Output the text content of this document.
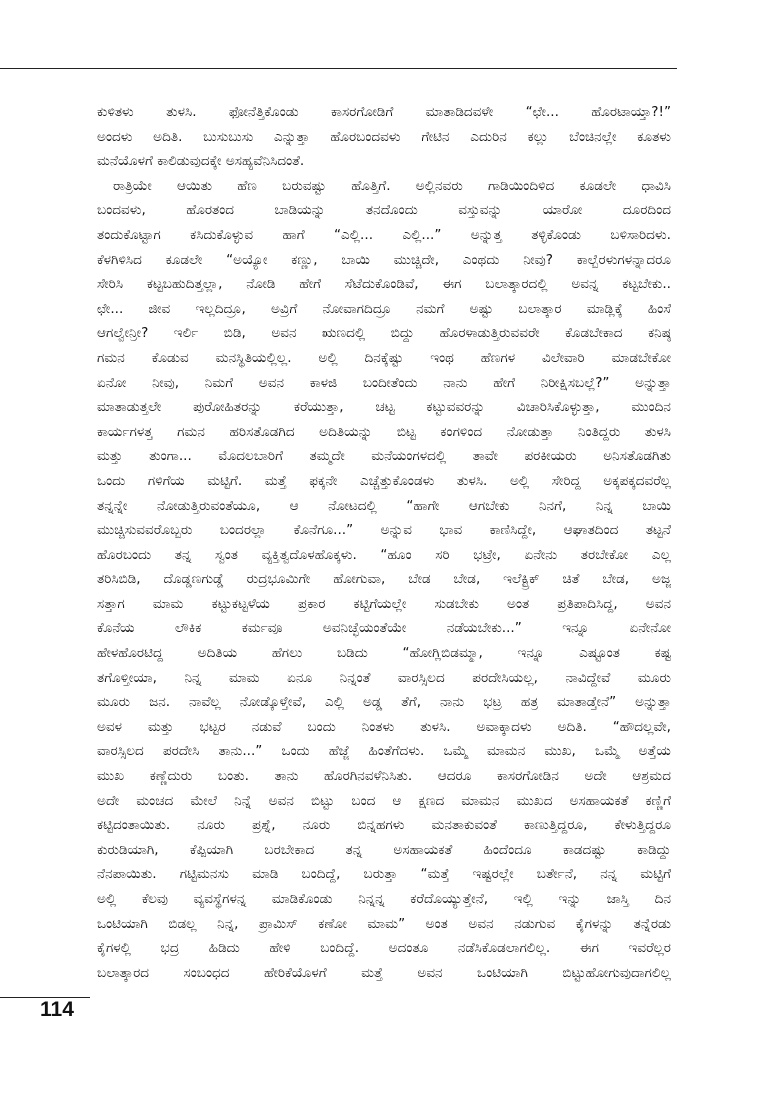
ಕುಳಿತಳು ತುಳಸಿ. ಫೋನೆತ್ತಿಕೊಂಡು ಕಾಸರಗೋಡಿಗೆ ಮಾತಾಡಿದವಳೇ “ಛೇ... ಹೊರಟಾಯ್ತಾ?!”
ಅಂದಳು ಅದಿತಿ. ಬುಸುಬುಸು ಎನ್ನುತ್ತಾ ಹೊರಬಂದವಳು ಗೇಟಿನ ಎದುರಿನ ಕಲ್ಲು ಬೆಂಚಿನಲ್ಲೇ ಕೂತಳು
ಮನೆಯೊಳಗೆ ಕಾಲಿಡುವುದಕ್ಕೇ ಅಸಹ್ಯವೆನಿಸಿದಂತೆ.
ರಾತ್ರಿಯೇ ಆಯಿತು ಹೆಣ ಬರುವಷ್ಟು ಹೊತ್ತಿಗೆ. ಅಲ್ಲಿನವರು ಗಾಡಿಯಿಂದಿಳಿದ ಕೂಡಲೇ ಧಾವಿಸಿ
ಬಂದವಳು, ಹೊರತಂದ ಬಾಡಿಯನ್ನು ತನದೊಂದು ವಸ್ತುವನ್ನು ಯಾರೋ ದೂರದಿಂದ
ತಂದುಕೊಟ್ಟಾಗ ಕಸಿದುಕೊಳ್ಳುವ ಹಾಗೆ “ಎಲ್ಲಿ... ಎಲ್ಲಿ...” ಅನ್ನುತ್ತ ತಳ್ಳಿಕೊಂಡು ಬಳಿಸಾರಿದಳು.
ಕೆಳಗಿಳಿಸಿದ ಕೂಡಲೇ “ಅಯ್ಯೋ ಕಣ್ಣು, ಬಾಯಿ ಮುಚ್ಚಿದೇ, ಎಂಥದು ನೀವು? ಕಾಲ್ಬೆರಳುಗಳನ್ನಾದರೂ
ಸೇರಿಸಿ ಕಟ್ಟಬಹುದಿತ್ತಲ್ಲಾ, ನೋಡಿ ಹೇಗೆ ಸೆಟೆದುಕೊಂಡಿವೆ, ಈಗ ಬಲಾತ್ಕಾರದಲ್ಲಿ ಅವನ್ನ ಕಟ್ಟಬೇಕು..
ಛೇ... ಜೀವ ಇಲ್ಲದಿದ್ರೂ, ಅವ್ರಿಗೆ ನೋವಾಗದಿದ್ರೂ ನಮಗೆ ಅಷ್ಟು ಬಲಾತ್ಕಾರ ಮಾಡ್ಲಿಕ್ಕೆ ಹಿಂಸೆ
ಆಗಲ್ವೇನ್ರೀ? ಇರ್ಲಿ ಬಿಡಿ, ಅವನ ಋಣದಲ್ಲಿ ಬಿದ್ದು ಹೊರಳಾಡುತ್ತಿರುವವರೇ ಕೊಡಬೇಕಾದ ಕನಿಷ್ಠ
ಗಮನ ಕೊಡುವ ಮನಸ್ಥಿತಿಯಲ್ಲಿಲ್ಲ. ಅಲ್ಲಿ ದಿನಕ್ಕೆಷ್ಟು ಇಂಥ ಹೆಣಗಳ ವಿಲೇವಾರಿ ಮಾಡಬೇಕೋ
ಏನೋ ನೀವು, ನಿಮಗೆ ಅವನ ಕಾಳಜಿ ಬಂದೀತೆಂದು ನಾನು ಹೇಗೆ ನಿರೀಕ್ಷಿಸಬಲ್ಲೆ?” ಅನ್ನುತ್ತಾ
ಮಾತಾಡುತ್ತಲೇ ಪುರೋಹಿತರನ್ನು ಕರೆಯುತ್ತಾ, ಚಟ್ಟ ಕಟ್ಟುವವರನ್ನು ವಿಚಾರಿಸಿಕೊಳ್ಳುತ್ತಾ, ಮುಂದಿನ
ಕಾರ್ಯಗಳತ್ತ ಗಮನ ಹರಿಸತೊಡಗಿದ ಅದಿತಿಯನ್ನು ಬಿಟ್ಟ ಕಂಗಳಿಂದ ನೋಡುತ್ತಾ ನಿಂತಿದ್ದರು ತುಳಸಿ
ಮತ್ತು ತುಂಗಾ... ಮೊದಲಬಾರಿಗೆ ತಮ್ಮದೇ ಮನೆಯಂಗಳದಲ್ಲಿ ತಾವೇ ಪರಕೀಯರು ಅನಿಸತೊಡಗಿತು
ಒಂದು ಗಳಿಗೆಯ ಮಟ್ಟಿಗೆ. ಮತ್ತೆ ಫಕ್ಕನೇ ಎಚ್ಚೆತ್ತುಕೊಂಡಳು ತುಳಸಿ. ಅಲ್ಲಿ ಸೇರಿದ್ದ ಅಕ್ಕಪಕ್ಕದವರೆಲ್ಲ
ತನ್ನನ್ನೇ ನೋಡುತ್ತಿರುವಂತೆಯೂ, ಆ ನೋಟದಲ್ಲಿ “ಹಾಗೇ ಆಗಬೇಕು ನಿನಗೆ, ನಿನ್ನ ಬಾಯಿ
ಮುಚ್ಚಿಸುವವರೊಬ್ಬರು ಬಂದರಲ್ಲಾ ಕೊನೆಗೂ...” ಅನ್ನುವ ಭಾವ ಕಾಣಿಸಿದ್ದೇ, ಆಘಾತದಿಂದ ತಟ್ಟನೆ
ಹೊರಬಂದು ತನ್ನ ಸ್ವಂತ ವ್ಯಕ್ತಿತ್ವದೊಳಹೊಕ್ಕಳು. “ಹೂಂ ಸರಿ ಭಟ್ರೇ, ಏನೇನು ತರಬೇಕೋ ಎಲ್ಲ
ತರಿಸಿಬಿಡಿ, ದೊಡ್ಡಣಗುಡ್ಡೆ ರುದ್ರಭೂಮಿಗೇ ಹೋಗುವಾ, ಬೇಡ ಬೇಡ, ಇಲೆಕ್ಟ್ರಿಕ್ ಚಿತೆ ಬೇಡ, ಅಜ್ಜ
ಸತ್ತಾಗ ಮಾಮ ಕಟ್ಟುಕಟ್ಟಳೆಯ ಪ್ರಕಾರ ಕಟ್ಟಿಗೆಯಲ್ಲೇ ಸುಡಬೇಕು ಅಂತ ಪ್ರತಿಪಾದಿಸಿದ್ದ, ಅವನ
ಕೊನೆಯ ಲೌಕಿಕ ಕರ್ಮವೂ ಅವನಿಚ್ಛೆಯಂತೆಯೇ ನಡೆಯಬೇಕು...” ಇನ್ನೂ ಏನೇನೋ
ಹೇಳಹೊರಟಿದ್ದ ಅದಿತಿಯ ಹೆಗಲು ಬಡಿದು “ಹೋಗ್ಲಿಬಿಡಮ್ಮಾ, ಇನ್ನೂ ಎಷ್ಟೂಂತ ಕಷ್ಟ
ತಗೊಳ್ತೀಯಾ, ನಿನ್ನ ಮಾಮ ಏನೂ ನಿನ್ನಂತೆ ವಾರಸ್ಸಿಲದ ಪರದೇಸಿಯಲ್ಲ, ನಾವಿದ್ದೇವೆ ಮೂರು
ಮೂರು ಜನ. ನಾವೆಲ್ಲ ನೋಡ್ಕೊಳ್ತೇವೆ, ಎಲ್ಲಿ ಅಡ್ಡ ತೆಗೆ, ನಾನು ಭಟ್ರ ಹತ್ರ ಮಾತಾಡ್ತೇನೆ” ಅನ್ನುತ್ತಾ
ಅವಳ ಮತ್ತು ಭಟ್ಟರ ನಡುವೆ ಬಂದು ನಿಂತಳು ತುಳಸಿ. ಅವಾಕ್ಕಾದಳು ಅದಿತಿ. “ಹೌದಲ್ಲವೇ,
ವಾರಸ್ಸಿಲದ ಪರದೇಸಿ ತಾನು...” ಒಂದು ಹೆಜ್ಜೆ ಹಿಂತೆಗೆದಳು. ಒಮ್ಮೆ ಮಾಮನ ಮುಖ, ಒಮ್ಮೆ ಅತ್ತೆಯ
ಮುಖ ಕಣ್ಣೆದುರು ಬಂತು. ತಾನು ಹೊರಗಿನವಳೆನಿಸಿತು. ಆದರೂ ಕಾಸರಗೋಡಿನ ಅದೇ ಆಶ್ರಮದ
ಅದೇ ಮಂಚದ ಮೇಲೆ ನಿನ್ನೆ ಅವನ ಬಿಟ್ಟು ಬಂದ ಆ ಕ್ಷಣದ ಮಾಮನ ಮುಖದ ಅಸಹಾಯಕತೆ ಕಣ್ಣಿಗೆ
ಕಟ್ಟಿದಂತಾಯಿತು. ನೂರು ಪ್ರಶ್ನೆ, ನೂರು ಬಿನ್ನಹಗಳು ಮನತಾಕುವಂತೆ ಕಾಣುತ್ತಿದ್ದರೂ, ಕೇಳುತ್ತಿದ್ದರೂ
ಕುರುಡಿಯಾಗಿ, ಕೆಪ್ಪಿಯಾಗಿ ಬರಬೇಕಾದ ತನ್ನ ಅಸಹಾಯಕತೆ ಹಿಂದೆಂದೂ ಕಾಡದಷ್ಟು ಕಾಡಿದ್ದು
ನೆನಪಾಯಿತು. ಗಟ್ಟಿಮನಸು ಮಾಡಿ ಬಂದಿದ್ದೆ, ಬರುತ್ತಾ “ಮತ್ತೆ ಇಷ್ಟರಲ್ಲೇ ಬರ್ತೇನೆ, ನನ್ನ ಮಟ್ಟಿಗೆ
ಅಲ್ಲಿ ಕೆಲವು ವ್ಯವಸ್ಥೆಗಳನ್ನ ಮಾಡಿಕೊಂಡು ನಿನ್ನನ್ನ ಕರೆದೊಯ್ಯುತ್ತೇನೆ, ಇಲ್ಲಿ ಇನ್ನು ಜಾಸ್ತಿ ದಿನ
ಒಂಟಿಯಾಗಿ ಬಿಡಲ್ಲ ನಿನ್ನ, ಪ್ರಾಮಿಸ್ ಕಣೋ ಮಾಮ” ಅಂತ ಅವನ ನಡುಗುವ ಕೈಗಳನ್ನು ತನ್ನೆರಡು
ಕೈಗಳಲ್ಲಿ ಭದ್ರ ಹಿಡಿದು ಹೇಳಿ ಬಂದಿದ್ದೆ. ಅದಂತೂ ನಡೆಸಿಕೊಡಲಾಗಲಿಲ್ಲ. ಈಗ ಇವರೆಲ್ಲರ
ಬಲಾತ್ಕಾರದ ಸಂಬಂಧದ ಹೇರಿಕೆಯೊಳಗೆ ಮತ್ತೆ ಅವನ ಒಂಟಿಯಾಗಿ ಬಿಟ್ಟುಹೋಗುವುದಾಗಲಿಲ್ಲ
114
